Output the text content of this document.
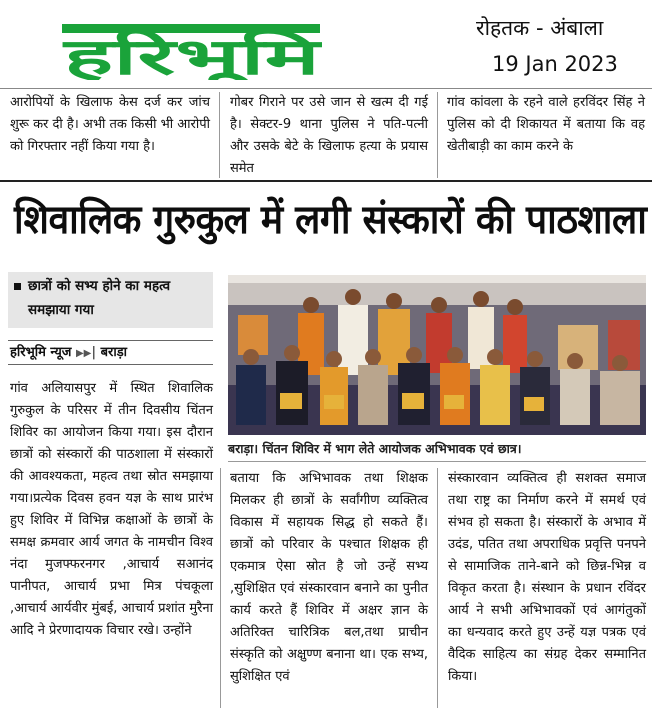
हरिभूमि	रोहतक - अंबाला
19 Jan 2023

आरोपियों के खिलाफ केस दर्ज कर जांच शुरू कर दी है। अभी तक किसी भी आरोपी को गिरफ्तार नहीं किया गया है।

गोबर गिराने पर उसे जान से खत्म दी गई है। सेक्टर-9 थाना पुलिस ने पति-पत्नी और उसके बेटे के खिलाफ हत्या के प्रयास समेत

गांव कांवला के रहने वाले हरविंदर सिंह ने पुलिस को दी शिकायत में बताया कि वह खेतीबाड़ी का काम करने के

शिवालिक गुरुकुल में लगी संस्कारों की पाठशाला
छात्रों को सभ्य होने का महत्व समझाया गया
हरिभूमि न्यूज ▶▶| बराड़ा
बराड़ा। चिंतन शिविर में भाग लेते आयोजक अभिभावक एवं छात्र।

गांव अलियासपुर में स्थित शिवालिक गुरुकुल के परिसर में तीन दिवसीय चिंतन शिविर का आयोजन किया गया। इस दौरान छात्रों को संस्कारों की पाठशाला में संस्कारों की आवश्यकता, महत्व तथा स्रोत समझाया गया।प्रत्येक दिवस हवन यज्ञ के साथ प्रारंभ हुए शिविर में विभिन्न कक्षाओं के छात्रों के समक्ष क्रमवार आर्य जगत के नामचीन विश्व नंदा मुजफ्फरनगर ,आचार्य सआनंद पानीपत, आचार्य प्रभा मित्र पंचकूला ,आचार्य आर्यवीर मुंबई, आचार्य प्रशांत मुरैना आदि ने प्रेरणादायक विचार रखे। उन्होंने

बताया कि अभिभावक तथा शिक्षक मिलकर ही छात्रों के सर्वांगीण व्यक्तित्व विकास में सहायक सिद्ध हो सकते हैं। छात्रों को परिवार के पश्चात शिक्षक ही एकमात्र ऐसा स्रोत है जो उन्हें सभ्य ,सुशिक्षित एवं संस्कारवान बनाने का पुनीत कार्य करते हैं शिविर में अक्षर ज्ञान के अतिरिक्त चारित्रिक बल,तथा प्राचीन संस्कृति को अक्षुण्ण बनाना था। एक सभ्य, सुशिक्षित एवं

संस्कारवान व्यक्तित्व ही सशक्त समाज तथा राष्ट्र का निर्माण करने में समर्थ एवं संभव हो सकता है। संस्कारों के अभाव में उदंड, पतित तथा अपराधिक प्रवृत्ति पनपने से सामाजिक ताने-बाने को छिन्न-भिन्न व विकृत करता है। संस्थान के प्रधान रविंदर आर्य ने सभी अभिभावकों एवं आगंतुकों का धन्यवाद करते हुए उन्हें यज्ञ पत्रक एवं वैदिक साहित्य का संग्रह देकर सम्मानित किया।
